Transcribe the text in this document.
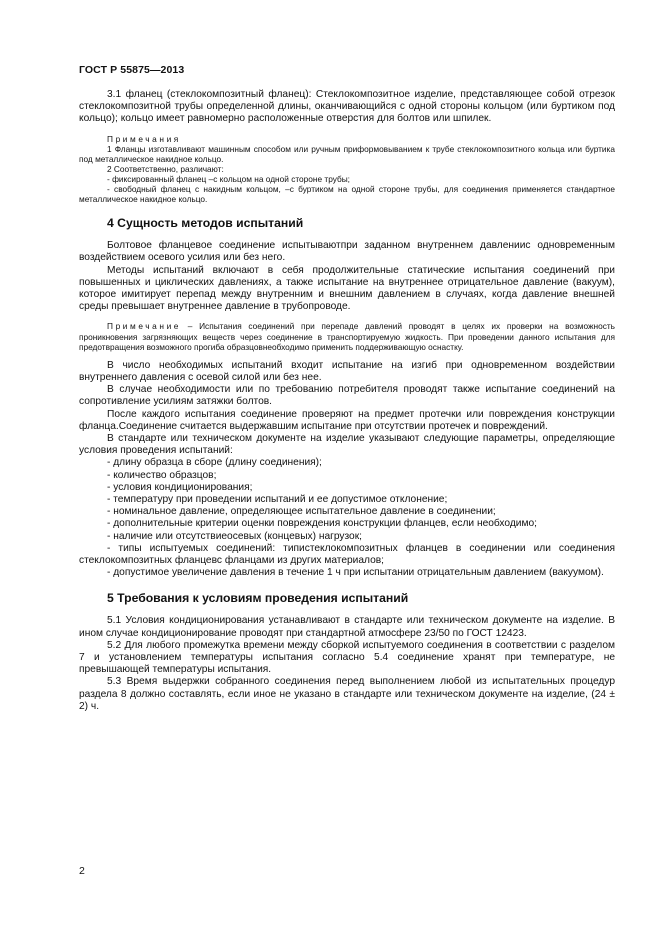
ГОСТ Р 55875—2013

3.1 фланец (стеклокомпозитный фланец): Стеклокомпозитное изделие, представляющее собой отрезок стеклокомпозитной трубы определенной длины, оканчивающийся с одной стороны кольцом (или буртиком под кольцо); кольцо имеет равномерно расположенные отверстия для болтов или шпилек.

Примечания

1 Фланцы изготавливают машинным способом или ручным приформовыванием к трубе стеклокомпозитного кольца или буртика под металлическое накидное кольцо.

2 Соответственно, различают:

- фиксированный фланец –с кольцом на одной стороне трубы;

- свободный фланец с накидным кольцом, –с буртиком на одной стороне трубы, для соединения применяется стандартное металлическое накидное кольцо.

4 Сущность методов испытаний

Болтовое фланцевое соединение испытываютпри заданном внутреннем давлениис одновременным воздействием осевого усилия или без него.

Методы испытаний включают в себя продолжительные статические испытания соединений при повышенных и циклических давлениях, а также испытание на внутреннее отрицательное давление (вакуум), которое имитирует перепад между внутренним и внешним давлением в случаях, когда давление внешней среды превышает внутреннее давление в трубопроводе.

Примечание – Испытания соединений при перепаде давлений проводят в целях их проверки на возможность проникновения загрязняющих веществ через соединение в транспортируемую жидкость. При проведении данного испытания для предотвращения возможного прогиба образцовнеобходимо применить поддерживающую оснастку.

В число необходимых испытаний входит испытание на изгиб при одновременном воздействии внутреннего давления с осевой силой или без нее.

В случае необходимости или по требованию потребителя проводят также испытание соединений на сопротивление усилиям затяжки болтов.

После каждого испытания соединение проверяют на предмет протечки или повреждения конструкции фланца.Соединение считается выдержавшим испытание при отсутствии протечек и повреждений.

В стандарте или техническом документе на изделие указывают следующие параметры, определяющие условия проведения испытаний:

- длину образца в сборе (длину соединения);

- количество образцов;

- условия кондиционирования;

- температуру при проведении испытаний и ее допустимое отклонение;

- номинальное давление, определяющее испытательное давление в соединении;

- дополнительные критерии оценки повреждения конструкции фланцев, если необходимо;

- наличие или отсутствиеосевых (концевых) нагрузок;

- типы испытуемых соединений: типистеклокомпозитных фланцев в соединении или соединения стеклокомпозитных фланцевс фланцами из других материалов;

- допустимое увеличение давления в течение 1 ч при испытании отрицательным давлением (вакуумом).

5 Требования к условиям проведения испытаний

5.1 Условия кондиционирования устанавливают в стандарте или техническом документе на изделие. В ином случае кондиционирование проводят при стандартной атмосфере 23/50 по ГОСТ 12423.

5.2 Для любого промежутка времени между сборкой испытуемого соединения в соответствии с разделом 7 и установлением температуры испытания согласно 5.4 соединение хранят при температуре, не превышающей температуры испытания.

5.3 Время выдержки собранного соединения перед выполнением любой из испытательных процедур раздела 8 должно составлять, если иное не указано в стандарте или техническом документе на изделие, (24 ± 2) ч.

2
